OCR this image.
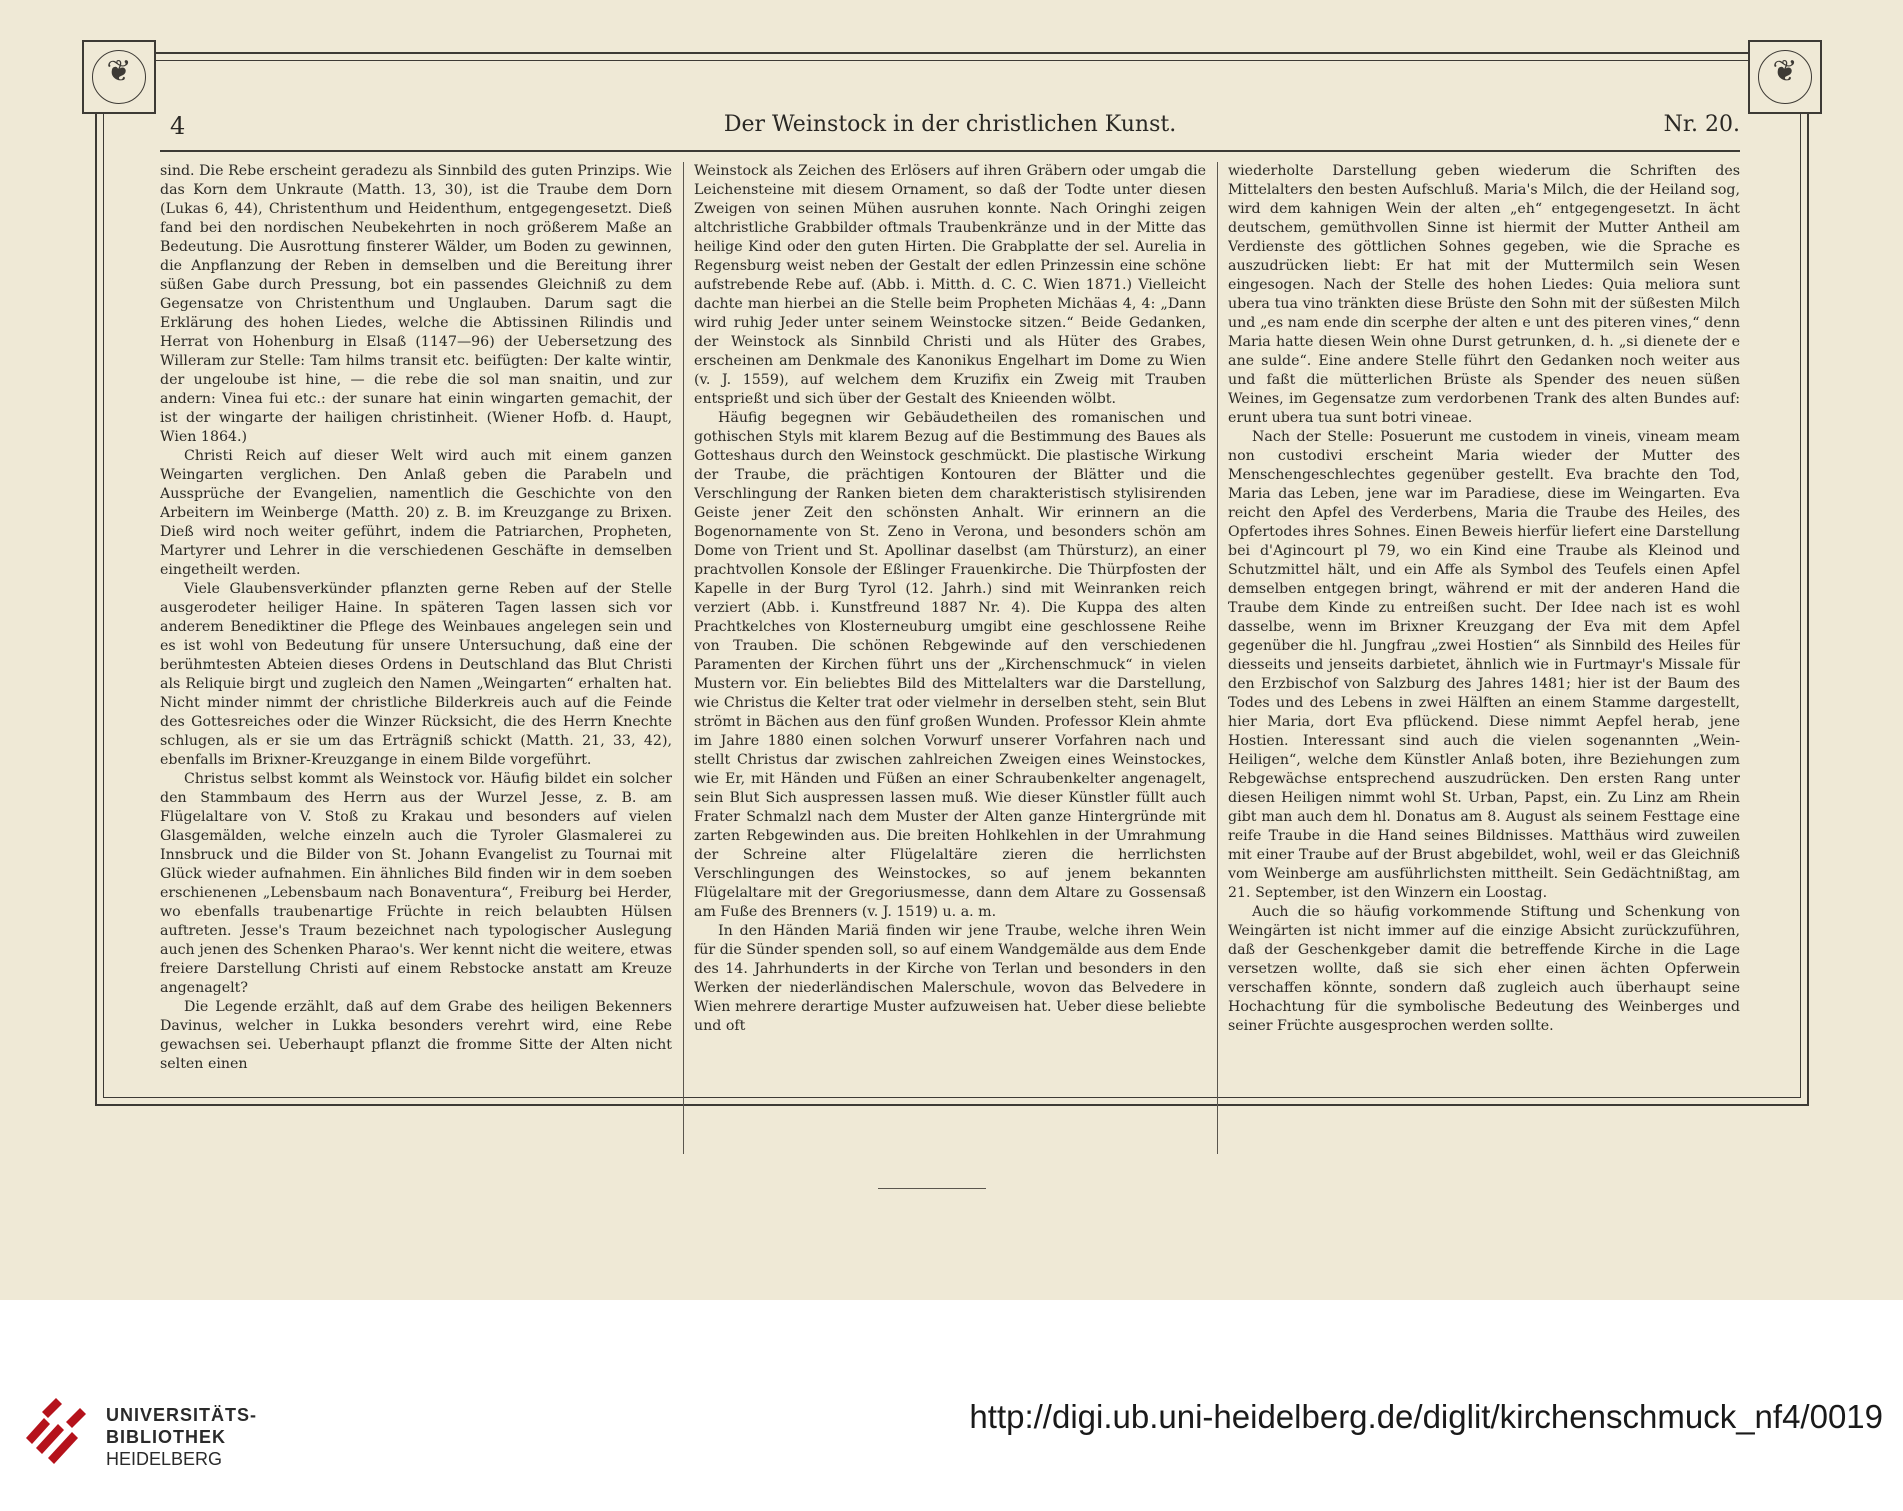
❦
❦
4	Der Weinstock in der christlichen Kunst.	Nr. 20.

sind. Die Rebe erscheint geradezu als Sinnbild des guten Prinzips. Wie das Korn dem Unkraute (Matth. 13, 30), ist die Traube dem Dorn (Lukas 6, 44), Christenthum und Heidenthum, entgegengesetzt. Dieß fand bei den nordischen Neubekehrten in noch größerem Maße an Bedeutung. Die Ausrottung finsterer Wälder, um Boden zu gewinnen, die Anpflanzung der Reben in demselben und die Bereitung ihrer süßen Gabe durch Pressung, bot ein passendes Gleichniß zu dem Gegensatze von Christenthum und Unglauben. Darum sagt die Erklärung des hohen Liedes, welche die Abtissinen Rilindis und Herrat von Hohenburg in Elsaß (1147—96) der Uebersetzung des Willeram zur Stelle: Tam hilms transit etc. beifügten: Der kalte wintir, der ungeloube ist hine, — die rebe die sol man snaitin, und zur andern: Vinea fui etc.: der sunare hat einin wingarten gemachit, der ist der wingarte der hailigen christinheit. (Wiener Hofb. d. Haupt, Wien 1864.)

Christi Reich auf dieser Welt wird auch mit einem ganzen Weingarten verglichen. Den Anlaß geben die Parabeln und Aussprüche der Evangelien, namentlich die Geschichte von den Arbeitern im Weinberge (Matth. 20) z. B. im Kreuzgange zu Brixen. Dieß wird noch weiter geführt, indem die Patriarchen, Propheten, Martyrer und Lehrer in die verschiedenen Geschäfte in demselben eingetheilt werden.

Viele Glaubensverkünder pflanzten gerne Reben auf der Stelle ausgerodeter heiliger Haine. In späteren Tagen lassen sich vor anderem Benediktiner die Pflege des Weinbaues angelegen sein und es ist wohl von Bedeutung für unsere Untersuchung, daß eine der berühmtesten Abteien dieses Ordens in Deutschland das Blut Christi als Reliquie birgt und zugleich den Namen „Weingarten“ erhalten hat. Nicht minder nimmt der christliche Bilderkreis auch auf die Feinde des Gottesreiches oder die Winzer Rücksicht, die des Herrn Knechte schlugen, als er sie um das Erträgniß schickt (Matth. 21, 33, 42), ebenfalls im Brixner-Kreuzgange in einem Bilde vorgeführt.

Christus selbst kommt als Weinstock vor. Häufig bildet ein solcher den Stammbaum des Herrn aus der Wurzel Jesse, z. B. am Flügelaltare von V. Stoß zu Krakau und besonders auf vielen Glasgemälden, welche einzeln auch die Tyroler Glasmalerei zu Innsbruck und die Bilder von St. Johann Evangelist zu Tournai mit Glück wieder aufnahmen. Ein ähnliches Bild finden wir in dem soeben erschienenen „Lebensbaum nach Bonaventura“, Freiburg bei Herder, wo ebenfalls traubenartige Früchte in reich belaubten Hülsen auftreten. Jesse's Traum bezeichnet nach typologischer Auslegung auch jenen des Schenken Pharao's. Wer kennt nicht die weitere, etwas freiere Darstellung Christi auf einem Rebstocke anstatt am Kreuze angenagelt?

Die Legende erzählt, daß auf dem Grabe des heiligen Bekenners Davinus, welcher in Lukka besonders verehrt wird, eine Rebe gewachsen sei. Ueberhaupt pflanzt die fromme Sitte der Alten nicht selten einen

Weinstock als Zeichen des Erlösers auf ihren Gräbern oder umgab die Leichensteine mit diesem Ornament, so daß der Todte unter diesen Zweigen von seinen Mühen ausruhen konnte. Nach Oringhi zeigen altchristliche Grabbilder oftmals Traubenkränze und in der Mitte das heilige Kind oder den guten Hirten. Die Grabplatte der sel. Aurelia in Regensburg weist neben der Gestalt der edlen Prinzessin eine schöne aufstrebende Rebe auf. (Abb. i. Mitth. d. C. C. Wien 1871.) Vielleicht dachte man hierbei an die Stelle beim Propheten Michäas 4, 4: „Dann wird ruhig Jeder unter seinem Weinstocke sitzen.“ Beide Gedanken, der Weinstock als Sinnbild Christi und als Hüter des Grabes, erscheinen am Denkmale des Kanonikus Engelhart im Dome zu Wien (v. J. 1559), auf welchem dem Kruzifix ein Zweig mit Trauben entsprießt und sich über der Gestalt des Knieenden wölbt.

Häufig begegnen wir Gebäudetheilen des romanischen und gothischen Styls mit klarem Bezug auf die Bestimmung des Baues als Gotteshaus durch den Weinstock geschmückt. Die plastische Wirkung der Traube, die prächtigen Kontouren der Blätter und die Verschlingung der Ranken bieten dem charakteristisch stylisirenden Geiste jener Zeit den schönsten Anhalt. Wir erinnern an die Bogenornamente von St. Zeno in Verona, und besonders schön am Dome von Trient und St. Apollinar daselbst (am Thürsturz), an einer prachtvollen Konsole der Eßlinger Frauenkirche. Die Thürpfosten der Kapelle in der Burg Tyrol (12. Jahrh.) sind mit Weinranken reich verziert (Abb. i. Kunstfreund 1887 Nr. 4). Die Kuppa des alten Prachtkelches von Klosterneuburg umgibt eine geschlossene Reihe von Trauben. Die schönen Rebgewinde auf den verschiedenen Paramenten der Kirchen führt uns der „Kirchenschmuck“ in vielen Mustern vor. Ein beliebtes Bild des Mittelalters war die Darstellung, wie Christus die Kelter trat oder vielmehr in derselben steht, sein Blut strömt in Bächen aus den fünf großen Wunden. Professor Klein ahmte im Jahre 1880 einen solchen Vorwurf unserer Vorfahren nach und stellt Christus dar zwischen zahlreichen Zweigen eines Weinstockes, wie Er, mit Händen und Füßen an einer Schraubenkelter angenagelt, sein Blut Sich auspressen lassen muß. Wie dieser Künstler füllt auch Frater Schmalzl nach dem Muster der Alten ganze Hintergründe mit zarten Rebgewinden aus. Die breiten Hohlkehlen in der Umrahmung der Schreine alter Flügelaltäre zieren die herrlichsten Verschlingungen des Weinstockes, so auf jenem bekannten Flügelaltare mit der Gregoriusmesse, dann dem Altare zu Gossensaß am Fuße des Brenners (v. J. 1519) u. a. m.

In den Händen Mariä finden wir jene Traube, welche ihren Wein für die Sünder spenden soll, so auf einem Wandgemälde aus dem Ende des 14. Jahrhunderts in der Kirche von Terlan und besonders in den Werken der niederländischen Malerschule, wovon das Belvedere in Wien mehrere derartige Muster aufzuweisen hat. Ueber diese beliebte und oft

wiederholte Darstellung geben wiederum die Schriften des Mittelalters den besten Aufschluß. Maria's Milch, die der Heiland sog, wird dem kahnigen Wein der alten „eh“ entgegengesetzt. In ächt deutschem, gemüthvollen Sinne ist hiermit der Mutter Antheil am Verdienste des göttlichen Sohnes gegeben, wie die Sprache es auszudrücken liebt: Er hat mit der Muttermilch sein Wesen eingesogen. Nach der Stelle des hohen Liedes: Quia meliora sunt ubera tua vino tränkten diese Brüste den Sohn mit der süßesten Milch und „es nam ende din scerphe der alten e unt des piteren vines,“ denn Maria hatte diesen Wein ohne Durst getrunken, d. h. „si dienete der e ane sulde“. Eine andere Stelle führt den Gedanken noch weiter aus und faßt die mütterlichen Brüste als Spender des neuen süßen Weines, im Gegensatze zum verdorbenen Trank des alten Bundes auf: erunt ubera tua sunt botri vineae.

Nach der Stelle: Posuerunt me custodem in vineis, vineam meam non custodivi erscheint Maria wieder der Mutter des Menschengeschlechtes gegenüber gestellt. Eva brachte den Tod, Maria das Leben, jene war im Paradiese, diese im Weingarten. Eva reicht den Apfel des Verderbens, Maria die Traube des Heiles, des Opfertodes ihres Sohnes. Einen Beweis hierfür liefert eine Darstellung bei d'Agincourt pl 79, wo ein Kind eine Traube als Kleinod und Schutzmittel hält, und ein Affe als Symbol des Teufels einen Apfel demselben entgegen bringt, während er mit der anderen Hand die Traube dem Kinde zu entreißen sucht. Der Idee nach ist es wohl dasselbe, wenn im Brixner Kreuzgang der Eva mit dem Apfel gegenüber die hl. Jungfrau „zwei Hostien“ als Sinnbild des Heiles für diesseits und jenseits darbietet, ähnlich wie in Furtmayr's Missale für den Erzbischof von Salzburg des Jahres 1481; hier ist der Baum des Todes und des Lebens in zwei Hälften an einem Stamme dargestellt, hier Maria, dort Eva pflückend. Diese nimmt Aepfel herab, jene Hostien. Interessant sind auch die vielen sogenannten „Wein-Heiligen“, welche dem Künstler Anlaß boten, ihre Beziehungen zum Rebgewächse entsprechend auszudrücken. Den ersten Rang unter diesen Heiligen nimmt wohl St. Urban, Papst, ein. Zu Linz am Rhein gibt man auch dem hl. Donatus am 8. August als seinem Festtage eine reife Traube in die Hand seines Bildnisses. Matthäus wird zuweilen mit einer Traube auf der Brust abgebildet, wohl, weil er das Gleichniß vom Weinberge am ausführlichsten mittheilt. Sein Gedächtnißtag, am 21. September, ist den Winzern ein Loostag.

Auch die so häufig vorkommende Stiftung und Schenkung von Weingärten ist nicht immer auf die einzige Absicht zurückzuführen, daß der Geschenkgeber damit die betreffende Kirche in die Lage versetzen wollte, daß sie sich eher einen ächten Opferwein verschaffen könnte, sondern daß zugleich auch überhaupt seine Hochachtung für die symbolische Bedeutung des Weinberges und seiner Früchte ausgesprochen werden sollte.

UNIVERSITÄTS-
BIBLIOTHEK
HEIDELBERG
http://digi.ub.uni-heidelberg.de/diglit/kirchenschmuck_nf4/0019
